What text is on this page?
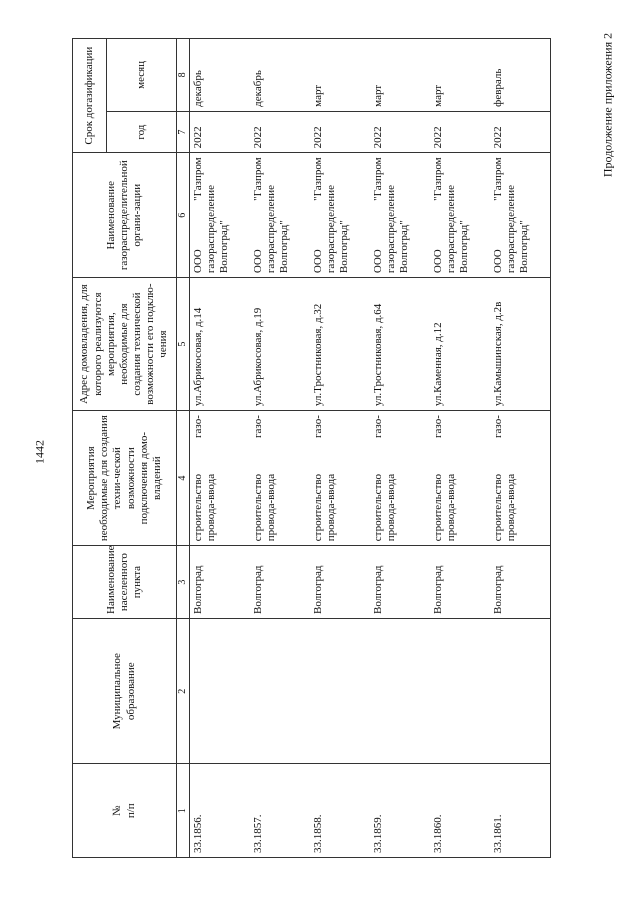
1442
Продолжение приложения 2
№
п/п	Муниципальное образование	Наименование населенного пункта	Мероприятия необходимые для создания техни-ческой возможности подключения домо-владений	Адрес домовладения, для которого реализуются мероприятия, необходимые для создания технической возможности его подклю-чения	Наименование газораспределительной органи-зации	Срок догазификации	
						год	месяц
1	2	3	4	5	6	7	8
33.1856.		Волгоград	строительство газо-провода-ввода	ул.Абрикосовая, д.14	ООО "Газпром газораспределение Волгоград"	2022	декабрь
33.1857.		Волгоград	строительство газо-провода-ввода	ул.Абрикосовая, д.19	ООО "Газпром газораспределение Волгоград"	2022	декабрь
33.1858.		Волгоград	строительство газо-провода-ввода	ул.Тростниковая, д.32	ООО "Газпром газораспределение Волгоград"	2022	март
33.1859.		Волгоград	строительство газо-провода-ввода	ул.Тростниковая, д.64	ООО "Газпром газораспределение Волгоград"	2022	март
33.1860.		Волгоград	строительство газо-провода-ввода	ул.Каменная, д.12	ООО "Газпром газораспределение Волгоград"	2022	март
33.1861.		Волгоград	строительство газо-провода-ввода	ул.Камышинская, д.2в	ООО "Газпром газораспределение Волгоград"	2022	февраль
